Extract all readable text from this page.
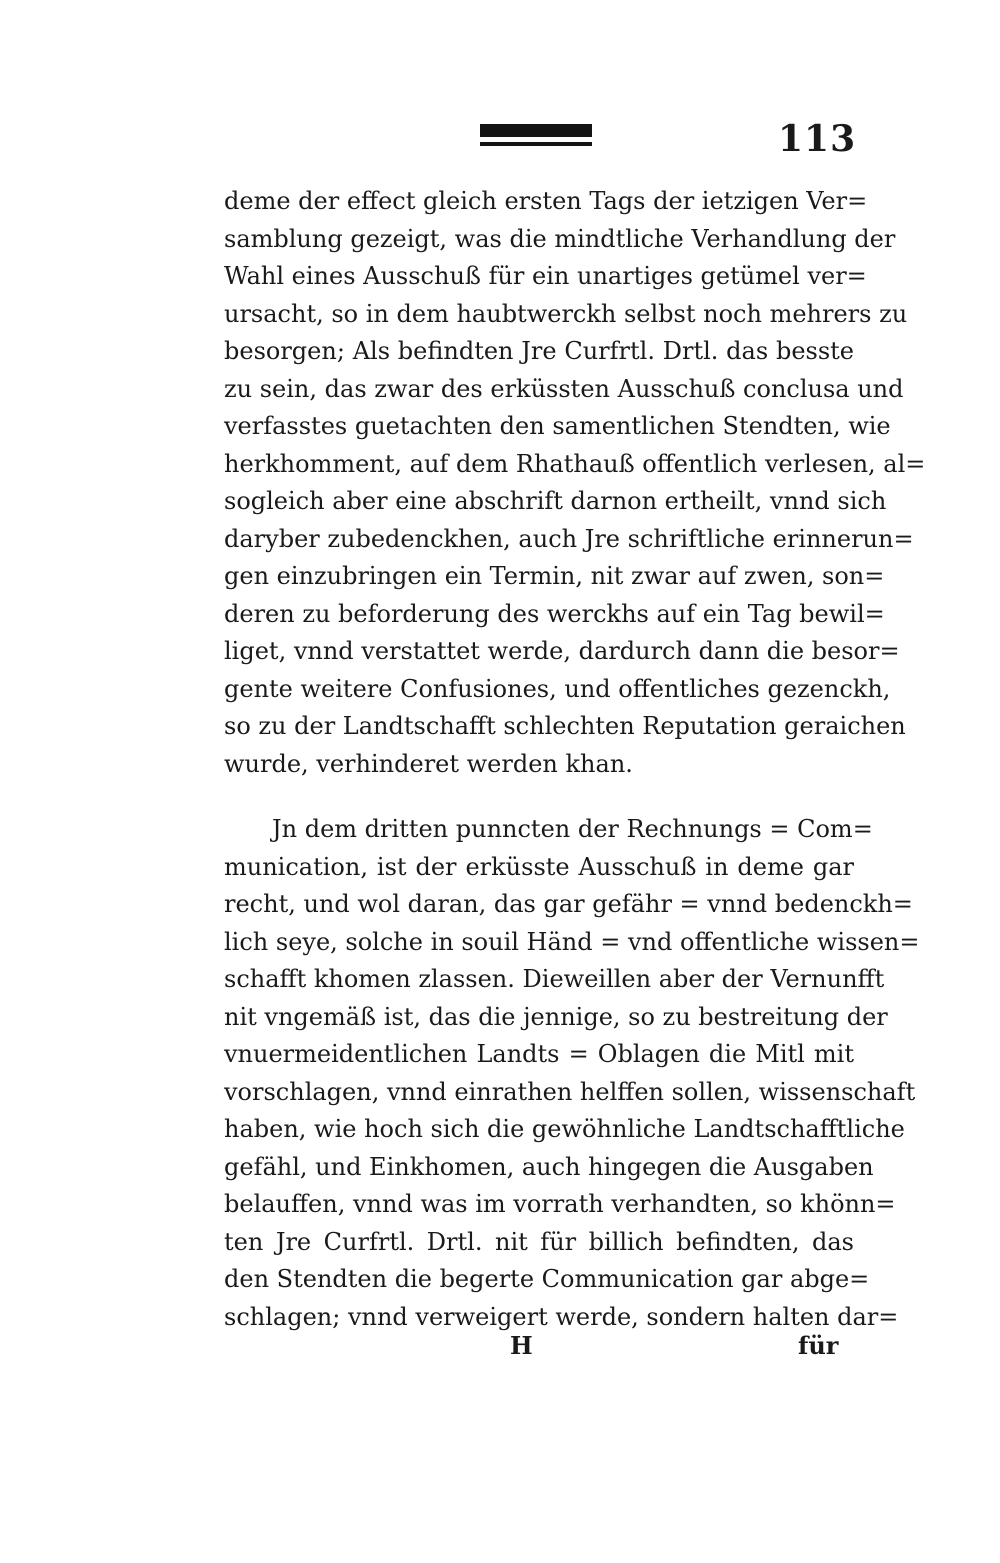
113
deme der effect gleich ersten Tags der ietzigen Ver=
samblung gezeigt, was die mindtliche Verhandlung der
Wahl eines Ausschuß für ein unartiges getümel ver=
ursacht, so in dem haubtwerckh selbst noch mehrers zu
besorgen; Als befindten Jre Curfrtl. Drtl. das besste
zu sein, das zwar des erküssten Ausschuß conclusa und
verfasstes guetachten den samentlichen Stendten, wie
herkhomment, auf dem Rhathauß offentlich verlesen, al=
sogleich aber eine abschrift darnon ertheilt, vnnd sich
daryber zubedenckhen, auch Jre schriftliche erinnerun=
gen einzubringen ein Termin, nit zwar auf zwen, son=
deren zu beforderung des werckhs auf ein Tag bewil=
liget, vnnd verstattet werde, dardurch dann die besor=
gente weitere Confusiones, und offentliches gezenckh,
so zu der Landtschafft schlechten Reputation geraichen
wurde, verhinderet werden khan.
Jn dem dritten punncten der Rechnungs = Com=
munication, ist der erküsste Ausschuß in deme gar
recht, und wol daran, das gar gefähr = vnnd bedenckh=
lich seye, solche in souil Händ = vnd offentliche wissen=
schafft khomen zlassen. Dieweillen aber der Vernunfft
nit vngemäß ist, das die jennige, so zu bestreitung der
vnuermeidentlichen Landts = Oblagen die Mitl mit
vorschlagen, vnnd einrathen helffen sollen, wissenschaft
haben, wie hoch sich die gewöhnliche Landtschafftliche
gefähl, und Einkhomen, auch hingegen die Ausgaben
belauffen, vnnd was im vorrath verhandten, so khönn=
ten Jre Curfrtl. Drtl. nit für billich befindten, das
den Stendten die begerte Communication gar abge=
schlagen; vnnd verweigert werde, sondern halten dar=
H	für
